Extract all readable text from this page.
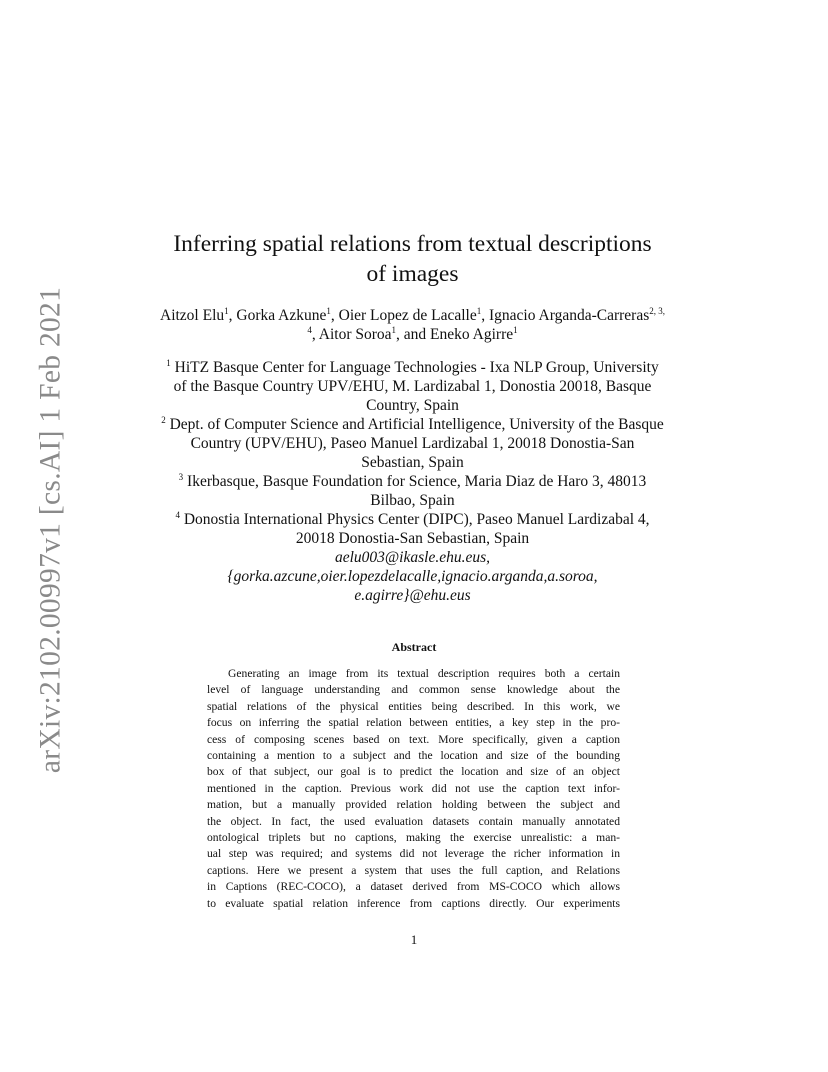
arXiv:2102.00997v1 [cs.AI] 1 Feb 2021
Inferring spatial relations from textual descriptions
of images
Aitzol Elu$^1$, Gorka Azkune$^1$, Oier Lopez de Lacalle$^1$, Ignacio Arganda-Carreras$^{2, 3, 4}$, Aitor Soroa$^1$, and Eneko Agirre$^1$
$^1$ HiTZ Basque Center for Language Technologies - Ixa NLP Group, University of the Basque Country UPV/EHU, M. Lardizabal 1, Donostia 20018, Basque Country, Spain
$^2$ Dept. of Computer Science and Artificial Intelligence, University of the Basque Country (UPV/EHU), Paseo Manuel Lardizabal 1, 20018 Donostia-San Sebastian, Spain
$^3$ Ikerbasque, Basque Foundation for Science, Maria Diaz de Haro 3, 48013 Bilbao, Spain
$^4$ Donostia International Physics Center (DIPC), Paseo Manuel Lardizabal 4, 20018 Donostia-San Sebastian, Spain
aelu003@ikasle.ehu.eus,{gorka.azcune,oier.lopezdelacalle,ignacio.arganda,a.soroa,
e.agirre}@ehu.eus
Abstract
Generating an image from its textual description requires both a certain
level of language understanding and common sense knowledge about the
spatial relations of the physical entities being described. In this work, we
focus on inferring the spatial relation between entities, a key step in the pro-
cess of composing scenes based on text. More specifically, given a caption
containing a mention to a subject and the location and size of the bounding
box of that subject, our goal is to predict the location and size of an object
mentioned in the caption. Previous work did not use the caption text infor-
mation, but a manually provided relation holding between the subject and
the object. In fact, the used evaluation datasets contain manually annotated
ontological triplets but no captions, making the exercise unrealistic: a man-
ual step was required; and systems did not leverage the richer information in
captions. Here we present a system that uses the full caption, and Relations
in Captions (REC-COCO), a dataset derived from MS-COCO which allows
to evaluate spatial relation inference from captions directly. Our experiments
1
